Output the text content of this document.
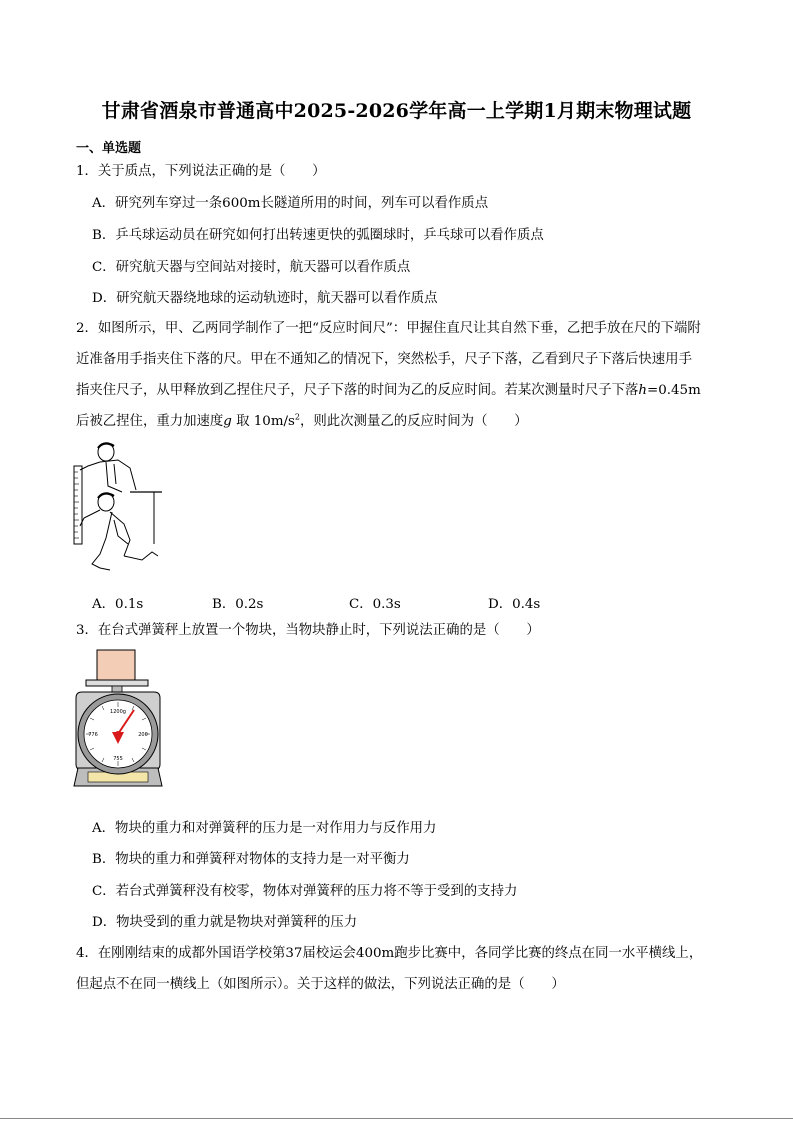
甘肃省酒泉市普通高中2025-2026学年高一上学期1月期末物理试题
一、单选题
1．关于质点，下列说法正确的是（　　）
A．研究列车穿过一条600m长隧道所用的时间，列车可以看作质点
B．乒乓球运动员在研究如何打出转速更快的弧圈球时，乒乓球可以看作质点
C．研究航天器与空间站对接时，航天器可以看作质点
D．研究航天器绕地球的运动轨迹时，航天器可以看作质点
2．如图所示，甲、乙两同学制作了一把“反应时间尺”：甲握住直尺让其自然下垂，乙把手放在尺的下端附
近准备用手指夹住下落的尺。甲在不通知乙的情况下，突然松手，尺子下落，乙看到尺子下落后快速用手
指夹住尺子，从甲释放到乙捏住尺子，尺子下落的时间为乙的反应时间。若某次测量时尺子下落h=0.45m
后被乙捏住，重力加速度g 取 $10m/s^2$，则此次测量乙的反应时间为（　　）
A．0.1s	B．0.2s	C．0.3s	D．0.4s
3．在台式弹簧秤上放置一个物块，当物块静止时，下列说法正确的是（　　）
1200g
776	200
755
A．物块的重力和对弹簧秤的压力是一对作用力与反作用力
B．物块的重力和弹簧秤对物体的支持力是一对平衡力
C．若台式弹簧秤没有校零，物体对弹簧秤的压力将不等于受到的支持力
D．物块受到的重力就是物块对弹簧秤的压力
4．在刚刚结束的成都外国语学校第37届校运会400m跑步比赛中，各同学比赛的终点在同一水平横线上，
但起点不在同一横线上（如图所示）。关于这样的做法，下列说法正确的是（　　）
